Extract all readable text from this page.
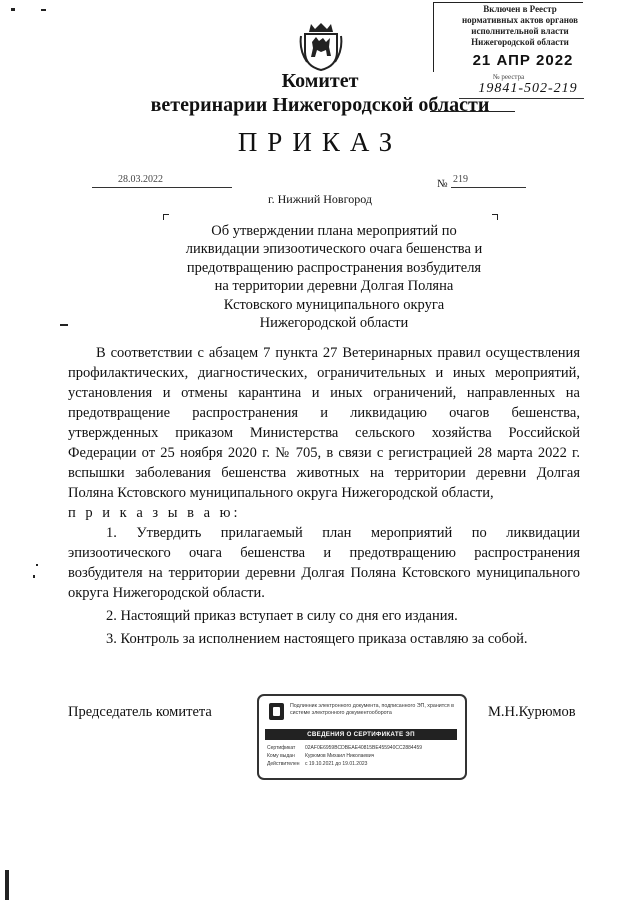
Включен в Реестр
нормативных актов органов
исполнительной власти
Нижегородской области
21 АПР 2022
№ реестра
19841-502-219
Комитет
ветеринарии Нижегородской области
ПРИКАЗ
28.03.2022	№ 219
г. Нижний Новгород
Об утверждении плана мероприятий по
ликвидации эпизоотического очага бешенства и
предотвращению распространения возбудителя
на территории деревни Долгая Поляна
Кстовского муниципального округа
Нижегородской области

В соответствии с абзацем 7 пункта 27 Ветеринарных правил осуществления профилактических, диагностических, ограничительных и иных мероприятий, установления и отмены карантина и иных ограничений, направленных на предотвращение распространения и ликвидацию очагов бешенства, утвержденных приказом Министерства сельского хозяйства Российской Федерации от 25 ноября 2020 г. № 705, в связи с регистрацией 28 марта 2022 г. вспышки заболевания бешенства животных на территории деревни Долгая Поляна Кстовского муниципального округа Нижегородской области,

п р и к а з ы в а ю:

1. Утвердить прилагаемый план мероприятий по ликвидации эпизоотического очага бешенства и предотвращению распространения возбудителя на территории деревни Долгая Поляна Кстовского муниципального округа Нижегородской области.

2. Настоящий приказ вступает в силу со дня его издания.

3. Контроль за исполнением настоящего приказа оставляю за собой.

Председатель комитета	М.Н.Курюмов
Подлинник электронного документа, подписанного ЭП, хранится в системе электронного документооборота
СВЕДЕНИЯ О СЕРТИФИКАТЕ ЭП
Сертификат 02AF0E6959BCDBEAE40815BE455940CC2884459
Кому выдан Курюмов Михаил Николаевич
Действителен с 19.10.2021 до 19.01.2023
